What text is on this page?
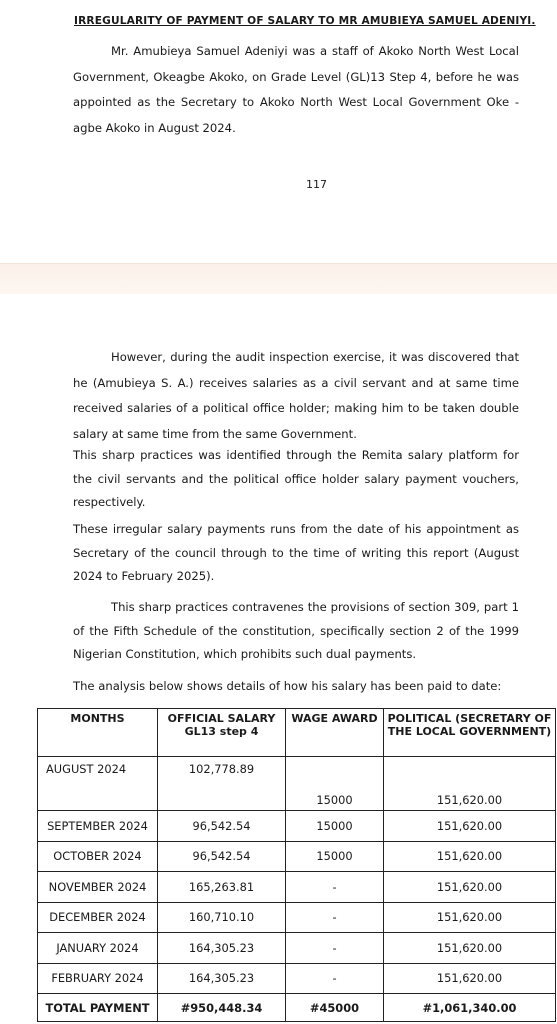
IRREGULARITY OF PAYMENT OF SALARY TO MR AMUBIEYA SAMUEL ADENIYI.

Mr. Amubieya Samuel Adeniyi was a staff of Akoko North West Local Government, Okeagbe Akoko, on Grade Level (GL)13 Step 4, before he was appointed as the Secretary to Akoko North West Local Government Oke -agbe Akoko in August 2024.

117

However, during the audit inspection exercise, it was discovered that he (Amubieya S. A.) receives salaries as a civil servant and at same time received salaries of a political office holder; making him to be taken double salary at same time from the same Government.

This sharp practices was identified through the Remita salary platform for the civil servants and the political office holder salary payment vouchers, respectively.

These irregular salary payments runs from the date of his appointment as Secretary of the council through to the time of writing this report (August 2024 to February 2025).

This sharp practices contravenes the provisions of section 309, part 1 of the Fifth Schedule of the constitution, specifically section 2 of the 1999 Nigerian Constitution, which prohibits such dual payments.

The analysis below shows details of how his salary has been paid to date:

MONTHS	OFFICIAL SALARY GL13 step 4	WAGE AWARD	POLITICAL (SECRETARY OF THE LOCAL GOVERNMENT)
AUGUST 2024	102,778.89	15000	151,620.00
SEPTEMBER 2024	96,542.54	15000	151,620.00
OCTOBER 2024	96,542.54	15000	151,620.00
NOVEMBER 2024	165,263.81	-	151,620.00
DECEMBER 2024	160,710.10	-	151,620.00
JANUARY 2024	164,305.23	-	151,620.00
FEBRUARY 2024	164,305.23	-	151,620.00
TOTAL PAYMENT	#950,448.34	#45000	#1,061,340.00
